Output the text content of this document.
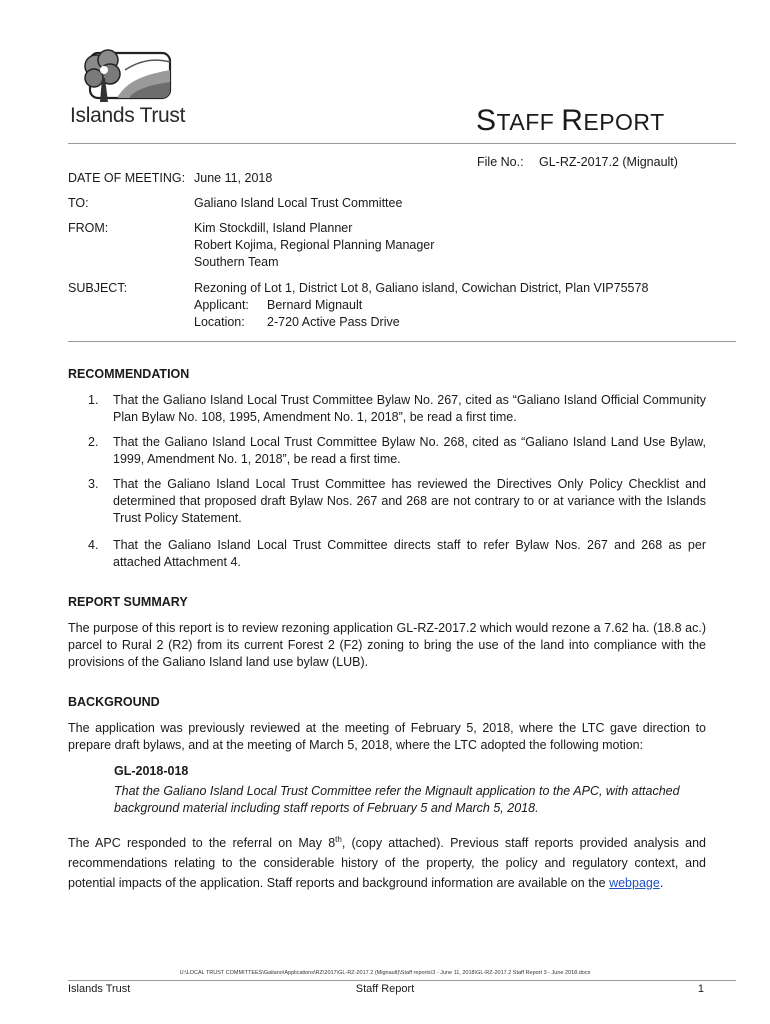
Islands Trust	STAFF REPORT
File No.: GL-RZ-2017.2 (Mignault)
DATE OF MEETING: June 11, 2018
TO:	Galiano Island Local Trust Committee
FROM:	Kim Stockdill, Island Planner
Robert Kojima, Regional Planning Manager
Southern Team
SUBJECT:	Rezoning of Lot 1, District Lot 8, Galiano island, Cowichan District, Plan VIP75578
Applicant: Bernard Mignault
Location: 2-720 Active Pass Drive
RECOMMENDATION
1.	That the Galiano Island Local Trust Committee Bylaw No. 267, cited as “Galiano Island Official Community Plan Bylaw No. 108, 1995, Amendment No. 1, 2018”, be read a first time.
2.	That the Galiano Island Local Trust Committee Bylaw No. 268, cited as “Galiano Island Land Use Bylaw, 1999, Amendment No. 1, 2018”, be read a first time.
3.	That the Galiano Island Local Trust Committee has reviewed the Directives Only Policy Checklist and determined that proposed draft Bylaw Nos. 267 and 268 are not contrary to or at variance with the Islands Trust Policy Statement.
4.	That the Galiano Island Local Trust Committee directs staff to refer Bylaw Nos. 267 and 268 as per attached Attachment 4.
REPORT SUMMARY
The purpose of this report is to review rezoning application GL-RZ-2017.2 which would rezone a 7.62 ha. (18.8 ac.) parcel to Rural 2 (R2) from its current Forest 2 (F2) zoning to bring the use of the land into compliance with the provisions of the Galiano Island land use bylaw (LUB).
BACKGROUND
The application was previously reviewed at the meeting of February 5, 2018, where the LTC gave direction to prepare draft bylaws, and at the meeting of March 5, 2018, where the LTC adopted the following motion:
GL-2018-018
That the Galiano Island Local Trust Committee refer the Mignault application to the APC, with attached background material including staff reports of February 5 and March 5, 2018.
The APC responded to the referral on May 8th, (copy attached). Previous staff reports provided analysis and recommendations relating to the considerable history of the property, the policy and regulatory context, and potential impacts of the application. Staff reports and background information are available on the webpage.
U:\LOCAL TRUST COMMITTEES\Galiano\Applications\RZ\2017\GL-RZ-2017.2 (Mignault)\Staff reports\3 - June 11, 2018\GL-RZ-2017.2 Staff Report 3 - June 2018.docx
Islands Trust	Staff Report	1
